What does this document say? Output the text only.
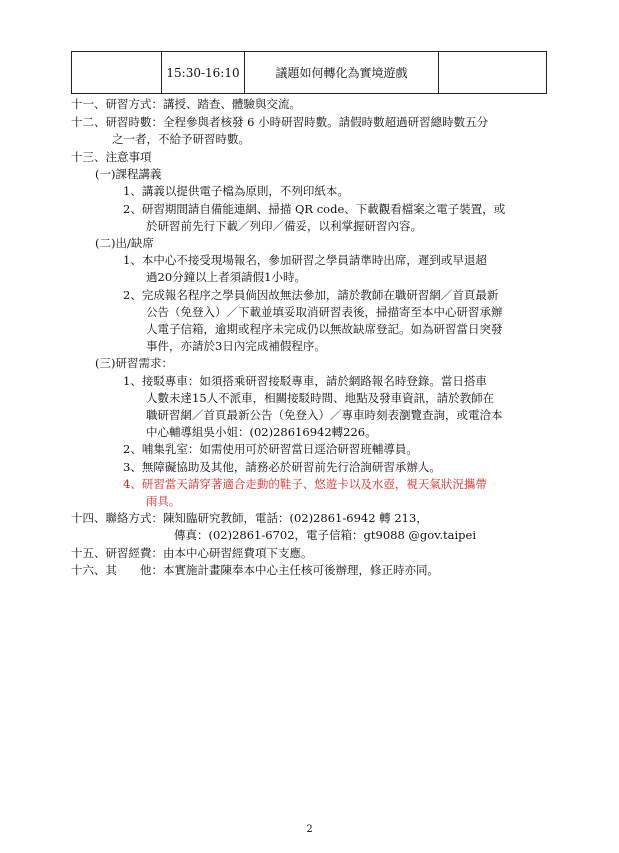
	15:30-16:10	議題如何轉化為實境遊戲	
十一、研習方式：講授、踏查、體驗與交流。
十二、研習時數：全程參與者核發 6 小時研習時數。請假時數超過研習總時數五分
之一者，不給予研習時數。
十三、注意事項
(一)課程講義
1、講義以提供電子檔為原則，不列印紙本。
2、研習期間請自備能連網、掃描 QR code、下載觀看檔案之電子裝置，或
於研習前先行下載／列印／備妥，以利掌握研習內容。
(二)出/缺席
1、本中心不接受現場報名，參加研習之學員請準時出席，遲到或早退超
過20分鐘以上者須請假1小時。
2、完成報名程序之學員倘因故無法參加，請於教師在職研習網／首頁最新
公告（免登入）／下載並填妥取消研習表後，掃描寄至本中心研習承辦
人電子信箱，逾期或程序未完成仍以無故缺席登記。如為研習當日突發
事件，亦請於3日內完成補假程序。
(三)研習需求：
1、接駁專車：如須搭乘研習接駁專車，請於網路報名時登錄。當日搭車
人數未達15人不派車，相關接駁時間、地點及發車資訊，請於教師在
職研習網／首頁最新公告（免登入）／專車時刻表瀏覽查詢，或電洽本
中心輔導組吳小姐：(02)28616942轉226。
2、哺集乳室：如需使用可於研習當日逕洽研習班輔導員。
3、無障礙協助及其他，請務必於研習前先行洽詢研習承辦人。
4、研習當天請穿著適合走動的鞋子、悠遊卡以及水壺，視天氣狀況攜帶
雨具。
十四、聯絡方式：陳知臨研究教師，電話：(02)2861-6942 轉 213，
傳真：(02)2861-6702，電子信箱：gt9088 @gov.taipei
十五、研習經費：由本中心研習經費項下支應。
十六、其　　他：本實施計畫陳奉本中心主任核可後辦理，修正時亦同。
2
